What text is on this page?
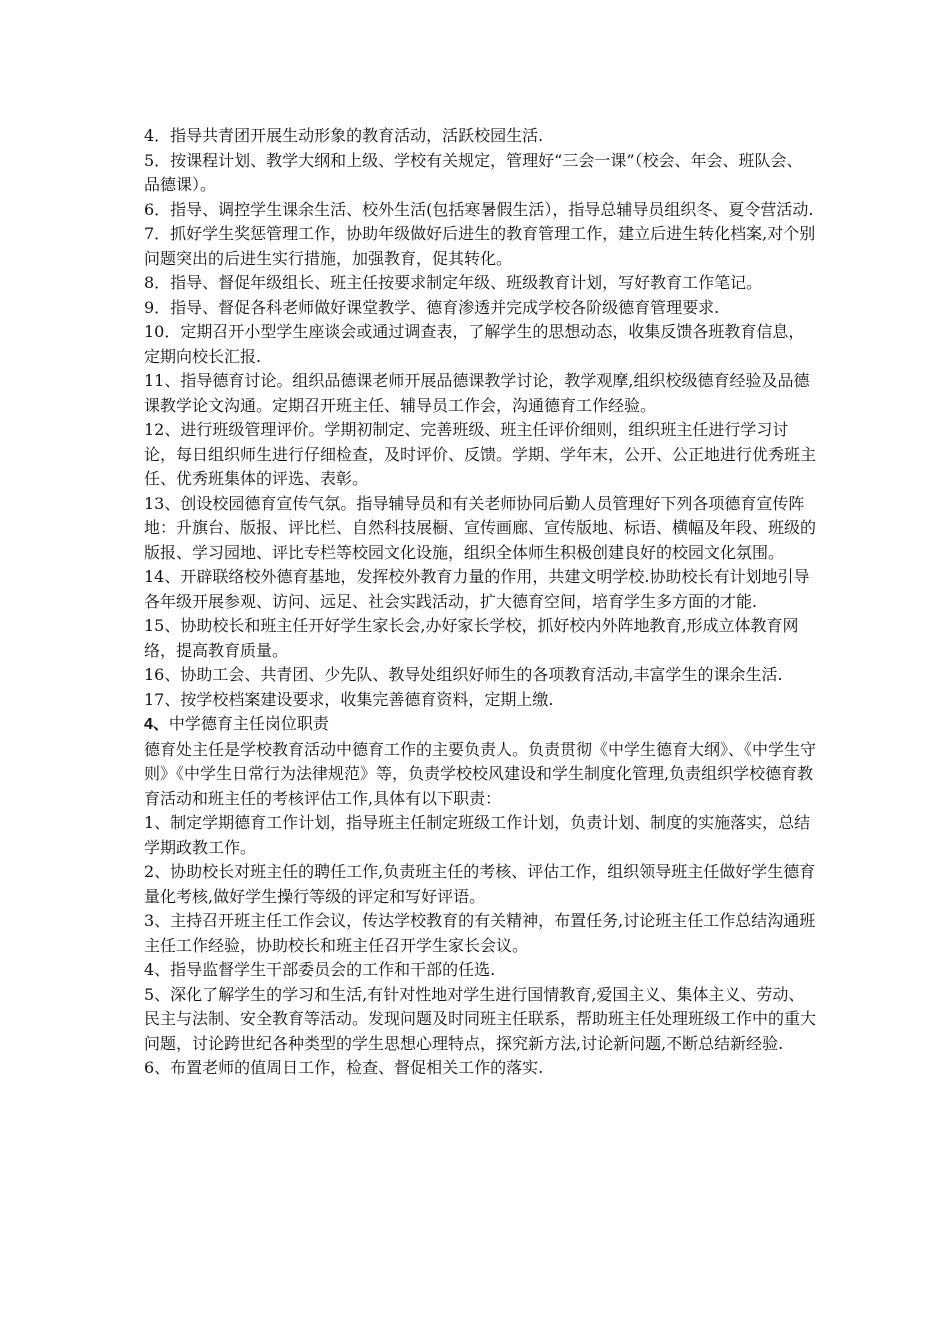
4．指导共青团开展生动形象的教育活动，活跃校园生活.

5．按课程计划、教学大纲和上级、学校有关规定，管理好“三会一课”（校会、年会、班队会、品德课）。

6．指导、调控学生课余生活、校外生活(包括寒暑假生活），指导总辅导员组织冬、夏令营活动.

7．抓好学生奖惩管理工作，协助年级做好后进生的教育管理工作，建立后进生转化档案,对个别问题突出的后进生实行措施，加强教育，促其转化。

8．指导、督促年级组长、班主任按要求制定年级、班级教育计划，写好教育工作笔记。

9．指导、督促各科老师做好课堂教学、德育渗透并完成学校各阶级德育管理要求.

10．定期召开小型学生座谈会或通过调查表，了解学生的思想动态，收集反馈各班教育信息，定期向校长汇报.

11、指导德育讨论。组织品德课老师开展品德课教学讨论，教学观摩,组织校级德育经验及品德课教学论文沟通。定期召开班主任、辅导员工作会，沟通德育工作经验。

12、进行班级管理评价。学期初制定、完善班级、班主任评价细则，组织班主任进行学习讨论，每日组织师生进行仔细检查，及时评价、反馈。学期、学年末，公开、公正地进行优秀班主任、优秀班集体的评选、表彰。

13、创设校园德育宣传气氛。指导辅导员和有关老师协同后勤人员管理好下列各项德育宣传阵地：升旗台、版报、评比栏、自然科技展橱、宣传画廊、宣传版地、标语、横幅及年段、班级的版报、学习园地、评比专栏等校园文化设施，组织全体师生积极创建良好的校园文化氛围。

14、开辟联络校外德育基地，发挥校外教育力量的作用，共建文明学校.协助校长有计划地引导各年级开展参观、访问、远足、社会实践活动，扩大德育空间，培育学生多方面的才能.

15、协助校长和班主任开好学生家长会,办好家长学校，抓好校内外阵地教育,形成立体教育网络，提高教育质量。

16、协助工会、共青团、少先队、教导处组织好师生的各项教育活动,丰富学生的课余生活.

17、按学校档案建设要求，收集完善德育资料，定期上缴.

4、中学德育主任岗位职责

德育处主任是学校教育活动中德育工作的主要负责人。负责贯彻《中学生德育大纲》、《中学生守则》《中学生日常行为法律规范》等，负责学校校风建设和学生制度化管理,负责组织学校德育教育活动和班主任的考核评估工作,具体有以下职责：

1、制定学期德育工作计划，指导班主任制定班级工作计划，负责计划、制度的实施落实，总结学期政教工作。

2、协助校长对班主任的聘任工作,负责班主任的考核、评估工作，组织领导班主任做好学生德育量化考核,做好学生操行等级的评定和写好评语。

3、主持召开班主任工作会议，传达学校教育的有关精神，布置任务,讨论班主任工作总结沟通班主任工作经验，协助校长和班主任召开学生家长会议。

4、指导监督学生干部委员会的工作和干部的任选.

5、深化了解学生的学习和生活,有针对性地对学生进行国情教育,爱国主义、集体主义、劳动、民主与法制、安全教育等活动。发现问题及时同班主任联系，帮助班主任处理班级工作中的重大问题，讨论跨世纪各种类型的学生思想心理特点，探究新方法,讨论新问题,不断总结新经验.

6、布置老师的值周日工作，检查、督促相关工作的落实.
